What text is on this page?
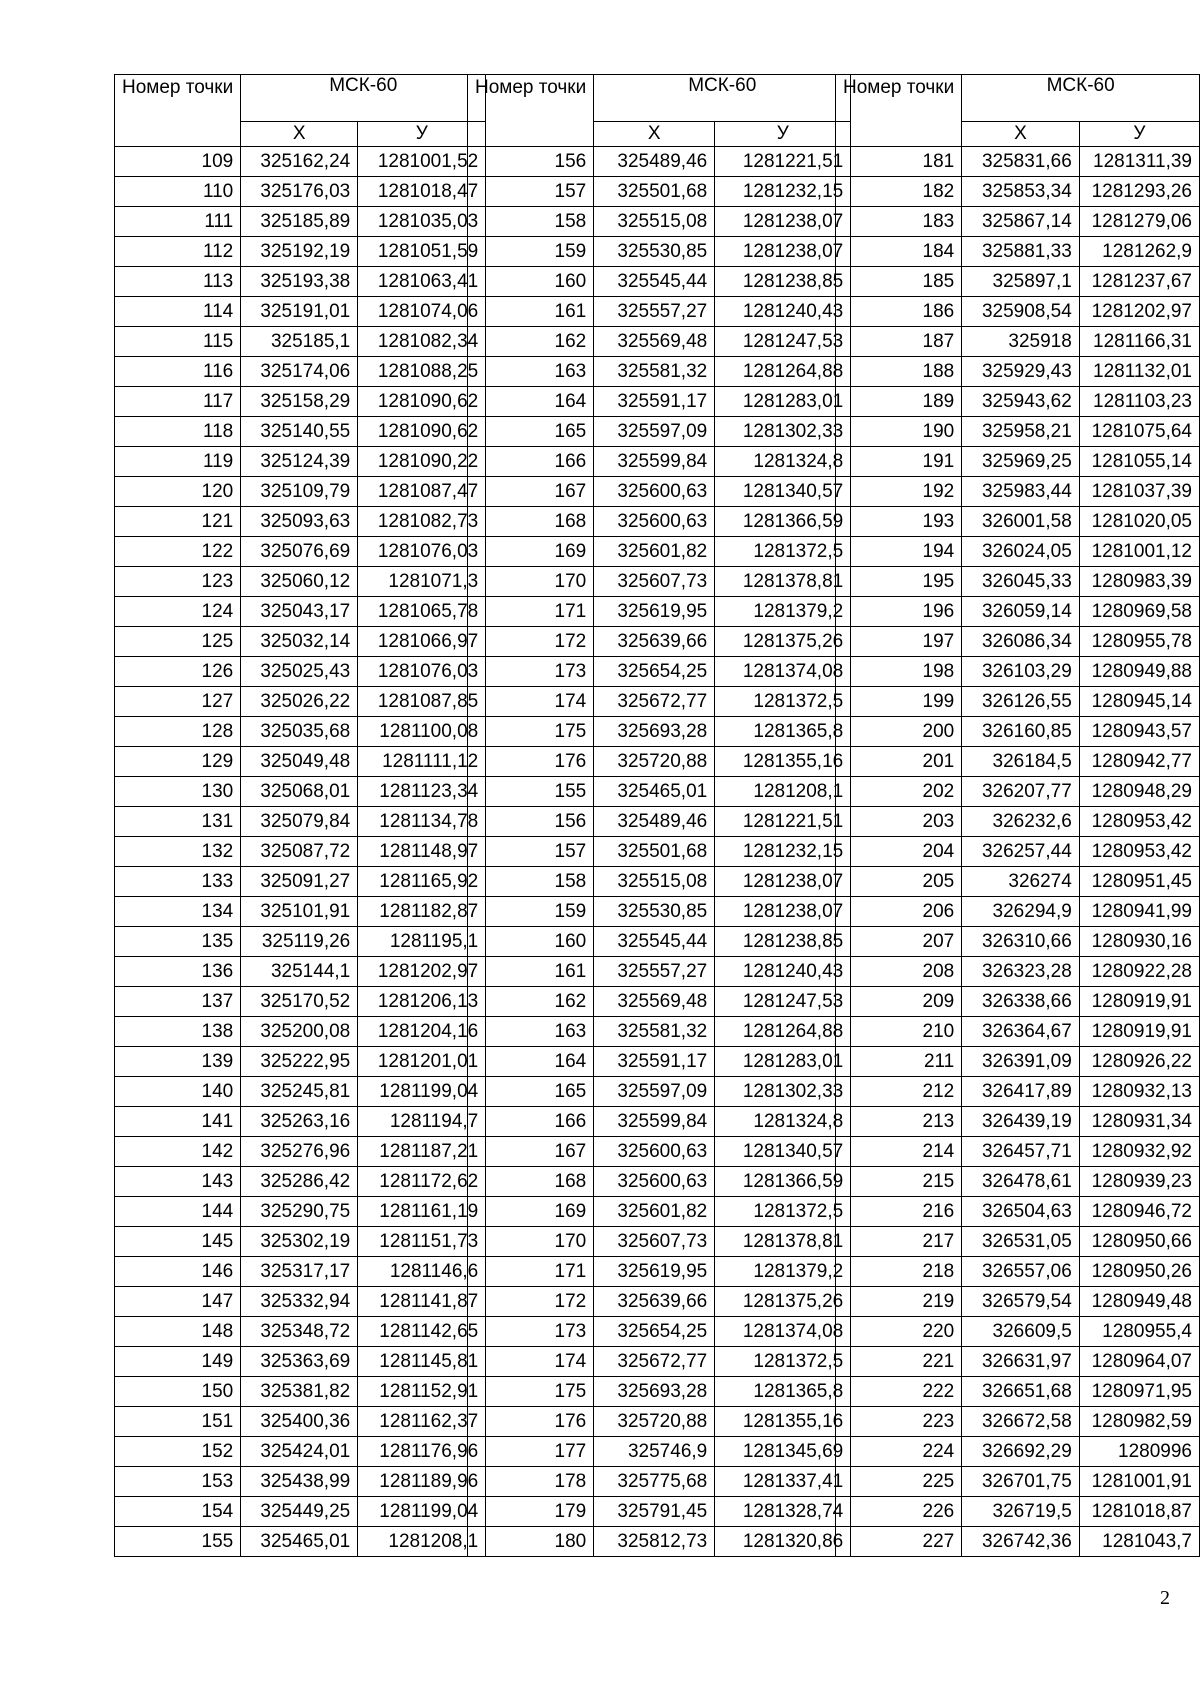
Номер точки	МСК-60	
	X	У
109	325162,24	1281001,52
110	325176,03	1281018,47
111	325185,89	1281035,03
112	325192,19	1281051,59
113	325193,38	1281063,41
114	325191,01	1281074,06
115	325185,1	1281082,34
116	325174,06	1281088,25
117	325158,29	1281090,62
118	325140,55	1281090,62
119	325124,39	1281090,22
120	325109,79	1281087,47
121	325093,63	1281082,73
122	325076,69	1281076,03
123	325060,12	1281071,3
124	325043,17	1281065,78
125	325032,14	1281066,97
126	325025,43	1281076,03
127	325026,22	1281087,85
128	325035,68	1281100,08
129	325049,48	1281111,12
130	325068,01	1281123,34
131	325079,84	1281134,78
132	325087,72	1281148,97
133	325091,27	1281165,92
134	325101,91	1281182,87
135	325119,26	1281195,1
136	325144,1	1281202,97
137	325170,52	1281206,13
138	325200,08	1281204,16
139	325222,95	1281201,01
140	325245,81	1281199,04
141	325263,16	1281194,7
142	325276,96	1281187,21
143	325286,42	1281172,62
144	325290,75	1281161,19
145	325302,19	1281151,73
146	325317,17	1281146,6
147	325332,94	1281141,87
148	325348,72	1281142,65
149	325363,69	1281145,81
150	325381,82	1281152,91
151	325400,36	1281162,37
152	325424,01	1281176,96
153	325438,99	1281189,96
154	325449,25	1281199,04
155	325465,01	1281208,1
Номер точки	МСК-60	
	X	У
156	325489,46	1281221,51
157	325501,68	1281232,15
158	325515,08	1281238,07
159	325530,85	1281238,07
160	325545,44	1281238,85
161	325557,27	1281240,43
162	325569,48	1281247,53
163	325581,32	1281264,88
164	325591,17	1281283,01
165	325597,09	1281302,33
166	325599,84	1281324,8
167	325600,63	1281340,57
168	325600,63	1281366,59
169	325601,82	1281372,5
170	325607,73	1281378,81
171	325619,95	1281379,2
172	325639,66	1281375,26
173	325654,25	1281374,08
174	325672,77	1281372,5
175	325693,28	1281365,8
176	325720,88	1281355,16
155	325465,01	1281208,1
156	325489,46	1281221,51
157	325501,68	1281232,15
158	325515,08	1281238,07
159	325530,85	1281238,07
160	325545,44	1281238,85
161	325557,27	1281240,43
162	325569,48	1281247,53
163	325581,32	1281264,88
164	325591,17	1281283,01
165	325597,09	1281302,33
166	325599,84	1281324,8
167	325600,63	1281340,57
168	325600,63	1281366,59
169	325601,82	1281372,5
170	325607,73	1281378,81
171	325619,95	1281379,2
172	325639,66	1281375,26
173	325654,25	1281374,08
174	325672,77	1281372,5
175	325693,28	1281365,8
176	325720,88	1281355,16
177	325746,9	1281345,69
178	325775,68	1281337,41
179	325791,45	1281328,74
180	325812,73	1281320,86
Номер точки	МСК-60	
	X	У
181	325831,66	1281311,39
182	325853,34	1281293,26
183	325867,14	1281279,06
184	325881,33	1281262,9
185	325897,1	1281237,67
186	325908,54	1281202,97
187	325918	1281166,31
188	325929,43	1281132,01
189	325943,62	1281103,23
190	325958,21	1281075,64
191	325969,25	1281055,14
192	325983,44	1281037,39
193	326001,58	1281020,05
194	326024,05	1281001,12
195	326045,33	1280983,39
196	326059,14	1280969,58
197	326086,34	1280955,78
198	326103,29	1280949,88
199	326126,55	1280945,14
200	326160,85	1280943,57
201	326184,5	1280942,77
202	326207,77	1280948,29
203	326232,6	1280953,42
204	326257,44	1280953,42
205	326274	1280951,45
206	326294,9	1280941,99
207	326310,66	1280930,16
208	326323,28	1280922,28
209	326338,66	1280919,91
210	326364,67	1280919,91
211	326391,09	1280926,22
212	326417,89	1280932,13
213	326439,19	1280931,34
214	326457,71	1280932,92
215	326478,61	1280939,23
216	326504,63	1280946,72
217	326531,05	1280950,66
218	326557,06	1280950,26
219	326579,54	1280949,48
220	326609,5	1280955,4
221	326631,97	1280964,07
222	326651,68	1280971,95
223	326672,58	1280982,59
224	326692,29	1280996
225	326701,75	1281001,91
226	326719,5	1281018,87
227	326742,36	1281043,7
2
